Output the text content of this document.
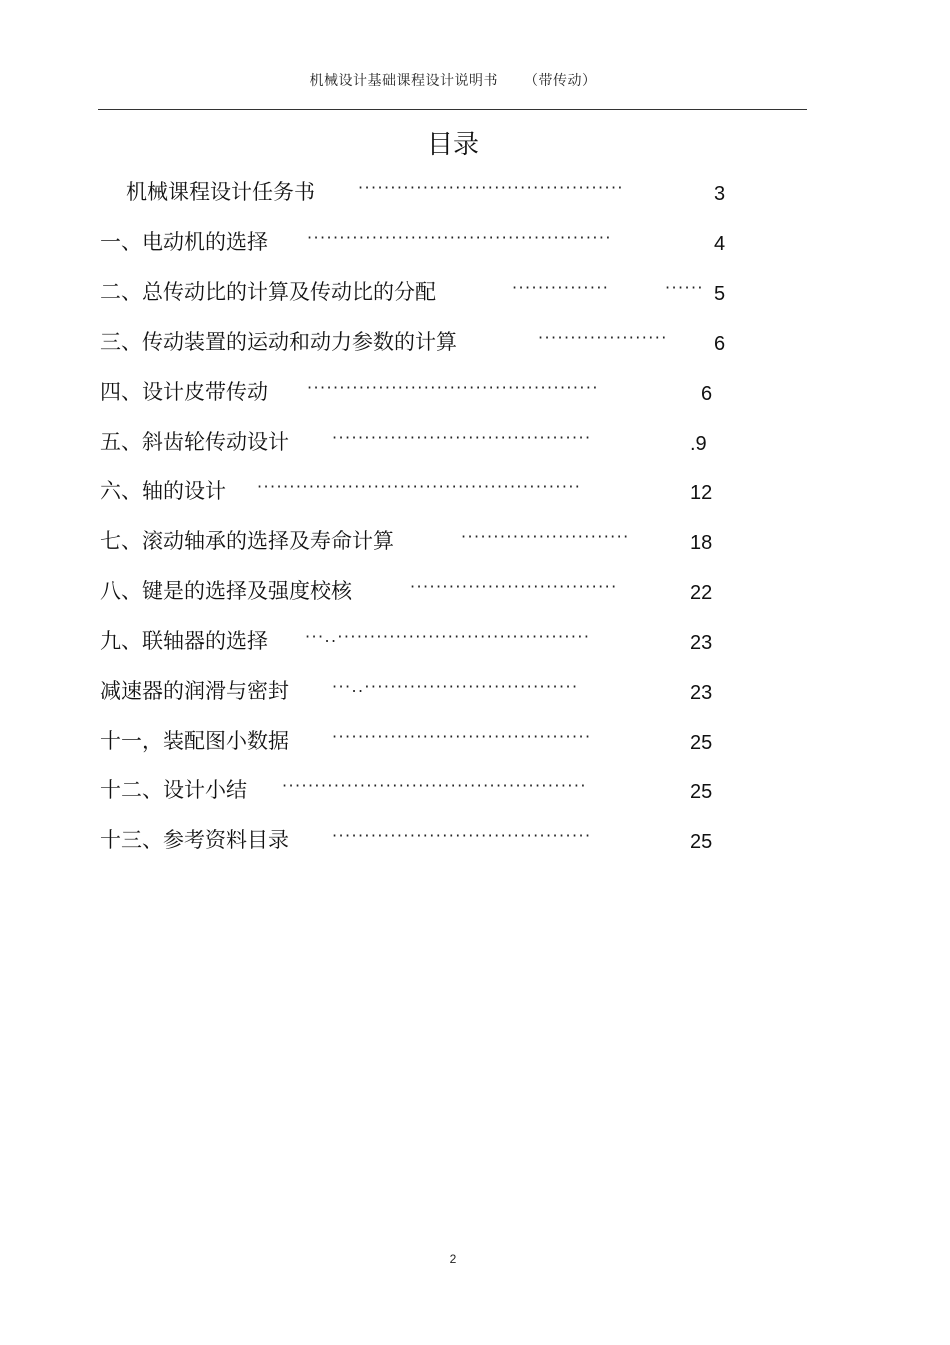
机械设计基础课程设计说明书 （带传动）
目录
机械课程设计任务书	·········································	3
一、电动机的选择 ···············································	4
二、总传动比的计算及传动比的分配	···············	······ 5
三、传动装置的运动和动力参数的计算	····················	6
四、设计皮带传动 ·············································	6
五、斜齿轮传动设计	········································	.9
六、轴的设计 ··················································	12
七、滚动轴承的选择及寿命计算	··························	18
八、键是的选择及强度校核	································	22
九、联轴器的选择 ···..·······································	23
减速器的润滑与密封	···..·································	23
十一，装配图小数据	········································	25
十二、设计小结 ···············································	25
十三、参考资料目录	········································	25
2
